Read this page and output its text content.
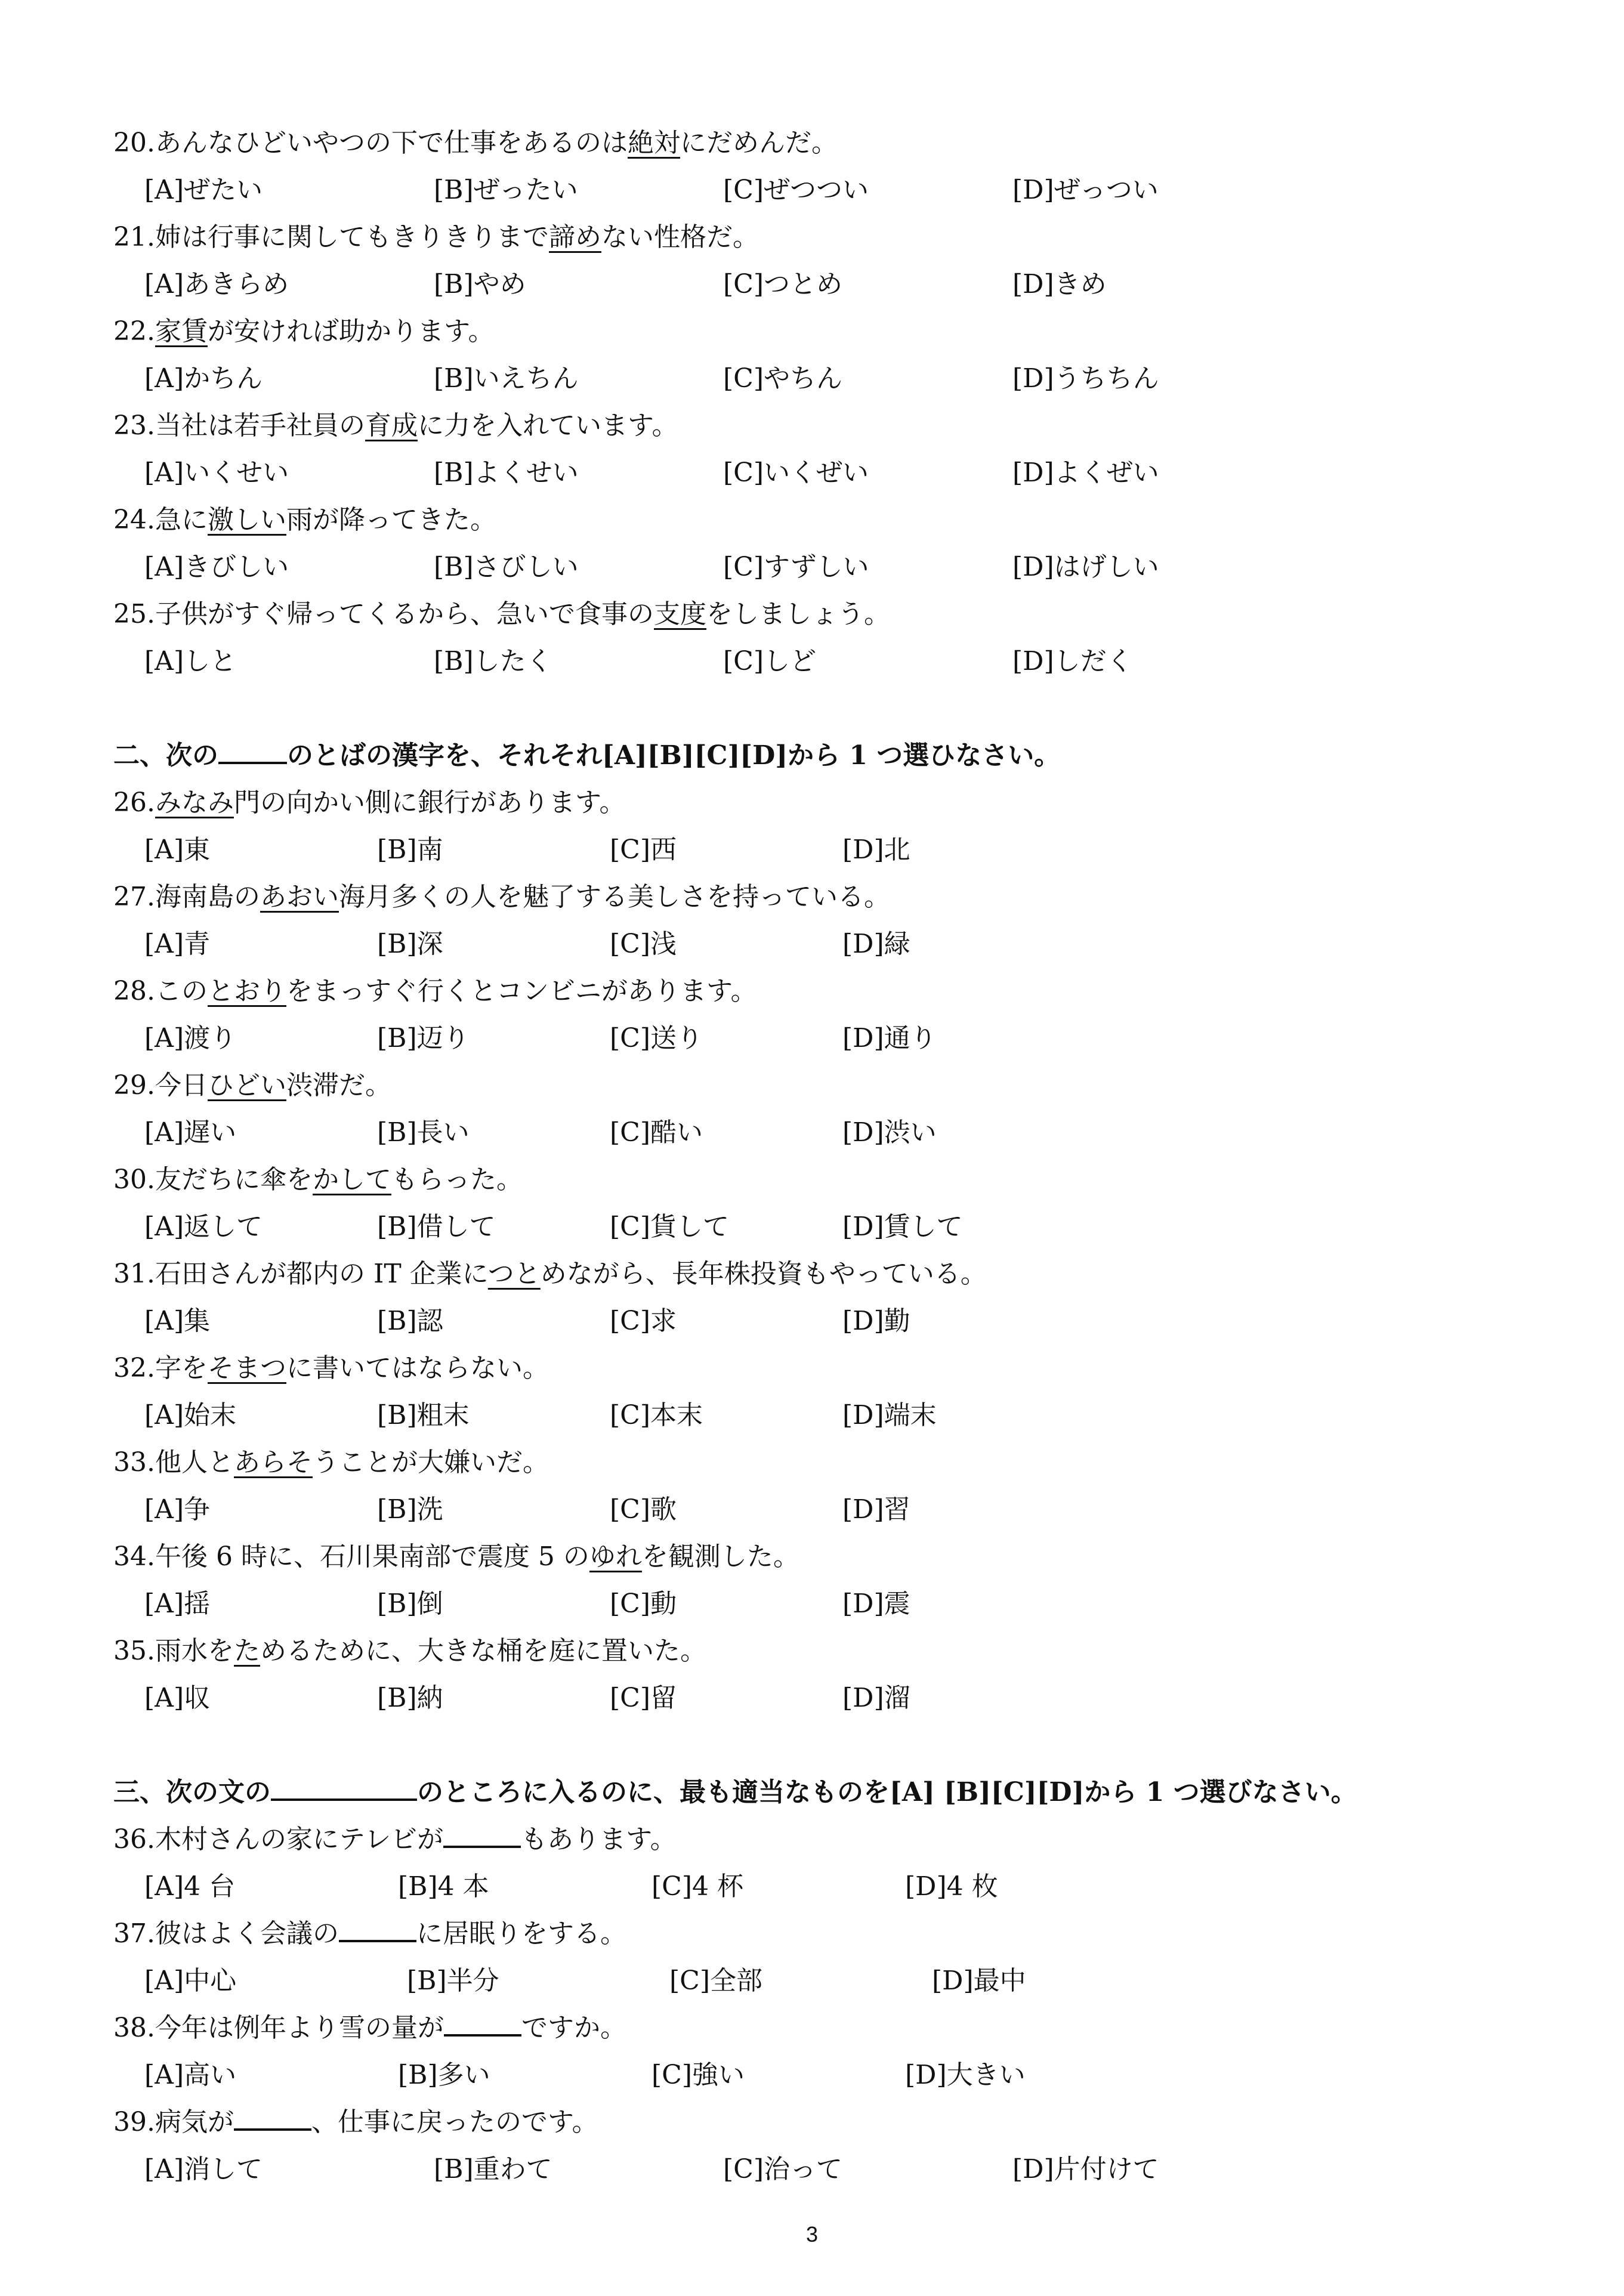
20.あんなひどいやつの下で仕事をあるのは絶対にだめんだ。
[A]ぜたい	[B]ぜったい	[C]ぜつつい	[D]ぜっつい
21.姉は行事に関してもきりきりまで諦めない性格だ。
[A]あきらめ	[B]やめ	[C]つとめ	[D]きめ
22.家賃が安ければ助かります。
[A]かちん	[B]いえちん	[C]やちん	[D]うちちん
23.当社は若手社員の育成に力を入れています。
[A]いくせい	[B]よくせい	[C]いくぜい	[D]よくぜい
24.急に激しい雨が降ってきた。
[A]きびしい	[B]さびしい	[C]すずしい	[D]はげしい
25.子供がすぐ帰ってくるから、急いで食事の支度をしましょう。
[A]しと	[B]したく	[C]しど	[D]しだく
二、次の	のとばの漢字を、それそれ[A][B][C][D]から 1 つ選ひなさい。
26.みなみ門の向かい側に銀行があります。
[A]東	[B]南	[C]西	[D]北
27.海南島のあおい海月多くの人を魅了する美しさを持っている。
[A]青	[B]深	[C]浅	[D]緑
28.このとおりをまっすぐ行くとコンビニがあります。
[A]渡り	[B]迈り	[C]送り	[D]通り
29.今日ひどい渋滞だ。
[A]遅い	[B]長い	[C]酷い	[D]渋い
30.友だちに傘をかしてもらった。
[A]返して	[B]借して	[C]貨して	[D]賃して
31.石田さんが都内の IT 企業につとめながら、長年株投資もやっている。
[A]集	[B]認	[C]求	[D]勤
32.字をそまつに書いてはならない。
[A]始末	[B]粗末	[C]本末	[D]端末
33.他人とあらそうことが大嫌いだ。
[A]争	[B]洗	[C]歌	[D]習
34.午後 6 時に、石川果南部で震度 5 のゆれを観測した。
[A]揺	[B]倒	[C]動	[D]震
35.雨水をためるために、大きな桶を庭に置いた。
[A]収	[B]納	[C]留	[D]溜
三、次の文の	のところに入るのに、最も適当なものを[A] [B][C][D]から 1 つ選びなさい。
36.木村さんの家にテレビが	もあります。
[A]4 台	[B]4 本	[C]4 杯	[D]4 枚
37.彼はよく会議の	に居眠りをする。
[A]中心	[B]半分	[C]全部	[D]最中
38.今年は例年より雪の量が	ですか。
[A]高い	[B]多い	[C]強い	[D]大きい
39.病気が	、仕事に戻ったのです。
[A]消して	[B]重わて	[C]治って	[D]片付けて
3
